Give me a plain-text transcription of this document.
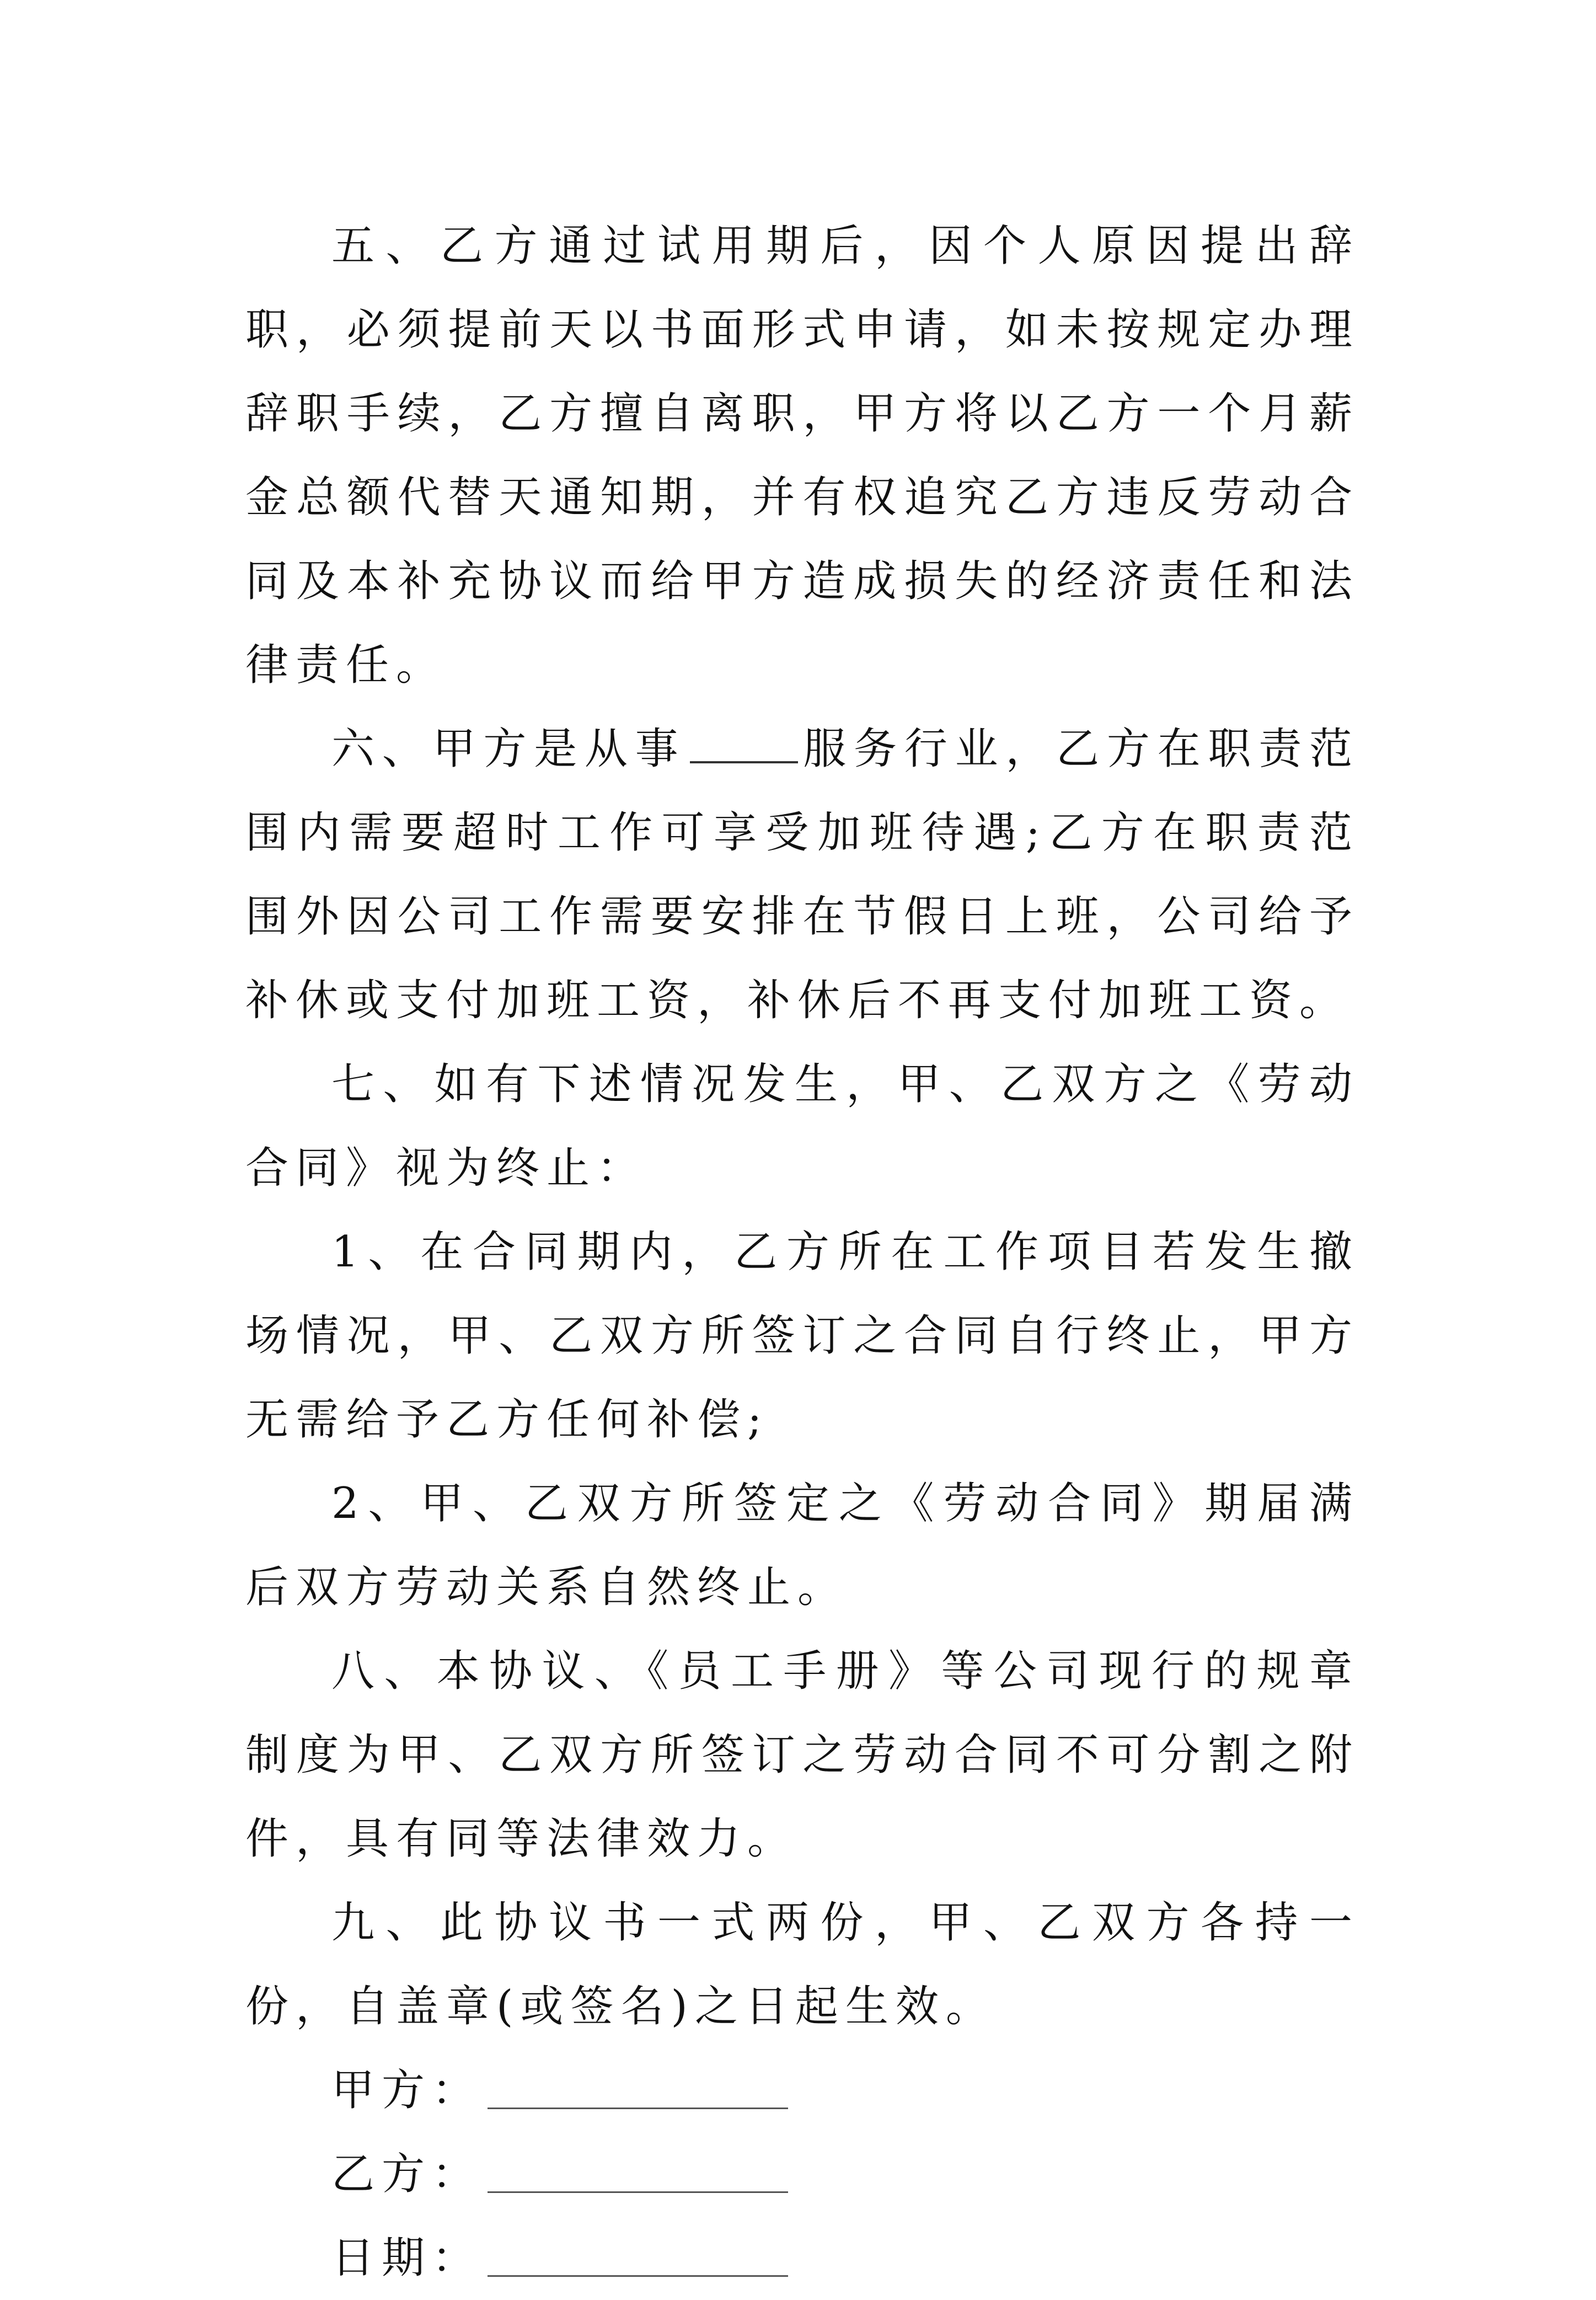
五、乙方通过试用期后，因个人原因提出辞职，必须提前天以书面形式申请，如未按规定办理辞职手续，乙方擅自离职，甲方将以乙方一个月薪金总额代替天通知期，并有权追究乙方违反劳动合同及本补充协议而给甲方造成损失的经济责任和法律责任。

六、甲方是从事	服务行业，乙方在职责范围内需要超时工作可享受加班待遇;乙方在职责范围外因公司工作需要安排在节假日上班，公司给予补休或支付加班工资，补休后不再支付加班工资。

七、如有下述情况发生，甲、乙双方之《劳动合同》视为终止：

1、在合同期内，乙方所在工作项目若发生撤场情况，甲、乙双方所签订之合同自行终止，甲方无需给予乙方任何补偿;

2、甲、乙双方所签定之《劳动合同》期届满后双方劳动关系自然终止。

八、本协议、《员工手册》等公司现行的规章制度为甲、乙双方所签订之劳动合同不可分割之附件，具有同等法律效力。

九、此协议书一式两份，甲、乙双方各持一份，自盖章(或签名)之日起生效。

甲方：
乙方：
日期：
